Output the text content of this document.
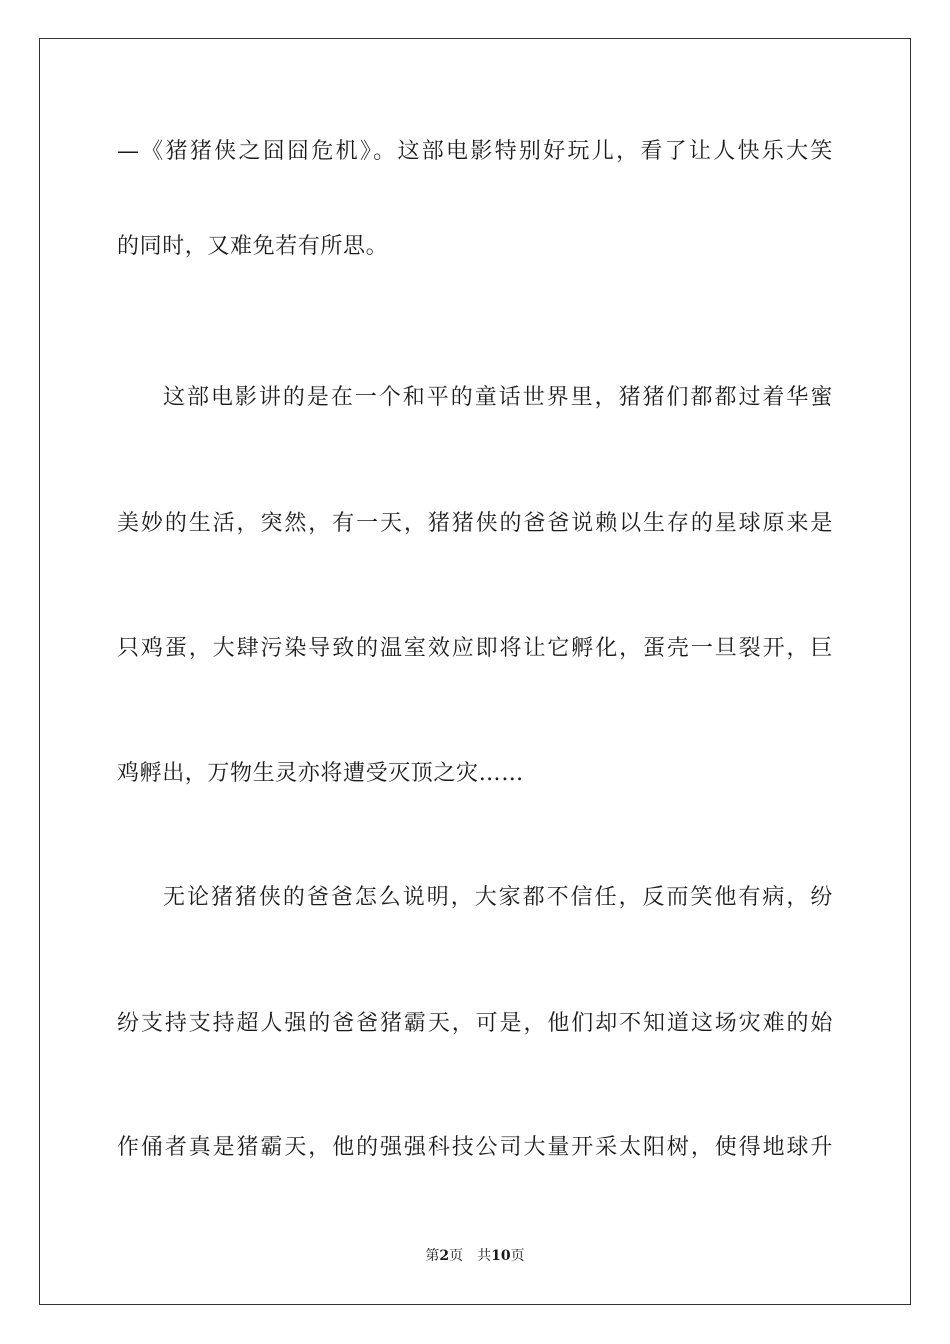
—《猪猪侠之囧囧危机》。这部电影特别好玩儿，看了让人快乐大笑
的同时，又难免若有所思。
这部电影讲的是在一个和平的童话世界里，猪猪们都都过着华蜜
美妙的生活，突然，有一天，猪猪侠的爸爸说赖以生存的星球原来是
只鸡蛋，大肆污染导致的温室效应即将让它孵化，蛋壳一旦裂开，巨
鸡孵出，万物生灵亦将遭受灭顶之灾……
无论猪猪侠的爸爸怎么说明，大家都不信任，反而笑他有病，纷
纷支持支持超人强的爸爸猪霸天，可是，他们却不知道这场灾难的始
作俑者真是猪霸天，他的强强科技公司大量开采太阳树，使得地球升
第2页 共10页
